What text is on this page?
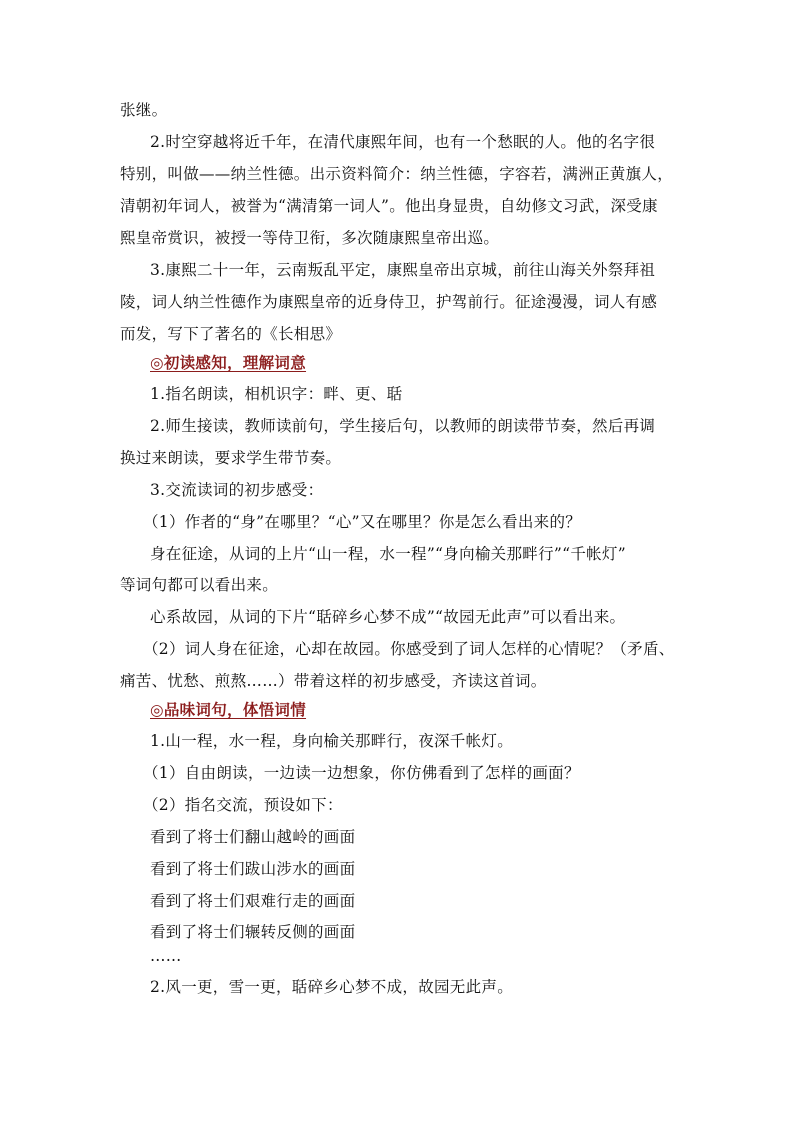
张继。
2.时空穿越将近千年，在清代康熙年间，也有一个愁眠的人。他的名字很
特别，叫做——纳兰性德。出示资料简介：纳兰性德，字容若，满洲正黄旗人，
清朝初年词人，被誉为“满清第一词人”。他出身显贵，自幼修文习武，深受康
熙皇帝赏识，被授一等侍卫衔，多次随康熙皇帝出巡。
3.康熙二十一年，云南叛乱平定，康熙皇帝出京城，前往山海关外祭拜祖
陵，词人纳兰性德作为康熙皇帝的近身侍卫，护驾前行。征途漫漫，词人有感
而发，写下了著名的《长相思》
◎初读感知，理解词意
1.指名朗读，相机识字：畔、更、聒
2.师生接读，教师读前句，学生接后句，以教师的朗读带节奏，然后再调
换过来朗读，要求学生带节奏。
3.交流读词的初步感受：
（1）作者的“身”在哪里？“心”又在哪里？你是怎么看出来的？
身在征途，从词的上片“山一程，水一程”“身向榆关那畔行”“千帐灯”
等词句都可以看出来。
心系故园，从词的下片“聒碎乡心梦不成”“故园无此声”可以看出来。
（2）词人身在征途，心却在故园。你感受到了词人怎样的心情呢？（矛盾、
痛苦、忧愁、煎熬……）带着这样的初步感受，齐读这首词。
◎品味词句，体悟词情
1.山一程，水一程，身向榆关那畔行，夜深千帐灯。
（1）自由朗读，一边读一边想象，你仿佛看到了怎样的画面？
（2）指名交流，预设如下：
看到了将士们翻山越岭的画面
看到了将士们跋山涉水的画面
看到了将士们艰难行走的画面
看到了将士们辗转反侧的画面
……
2.风一更，雪一更，聒碎乡心梦不成，故园无此声。
